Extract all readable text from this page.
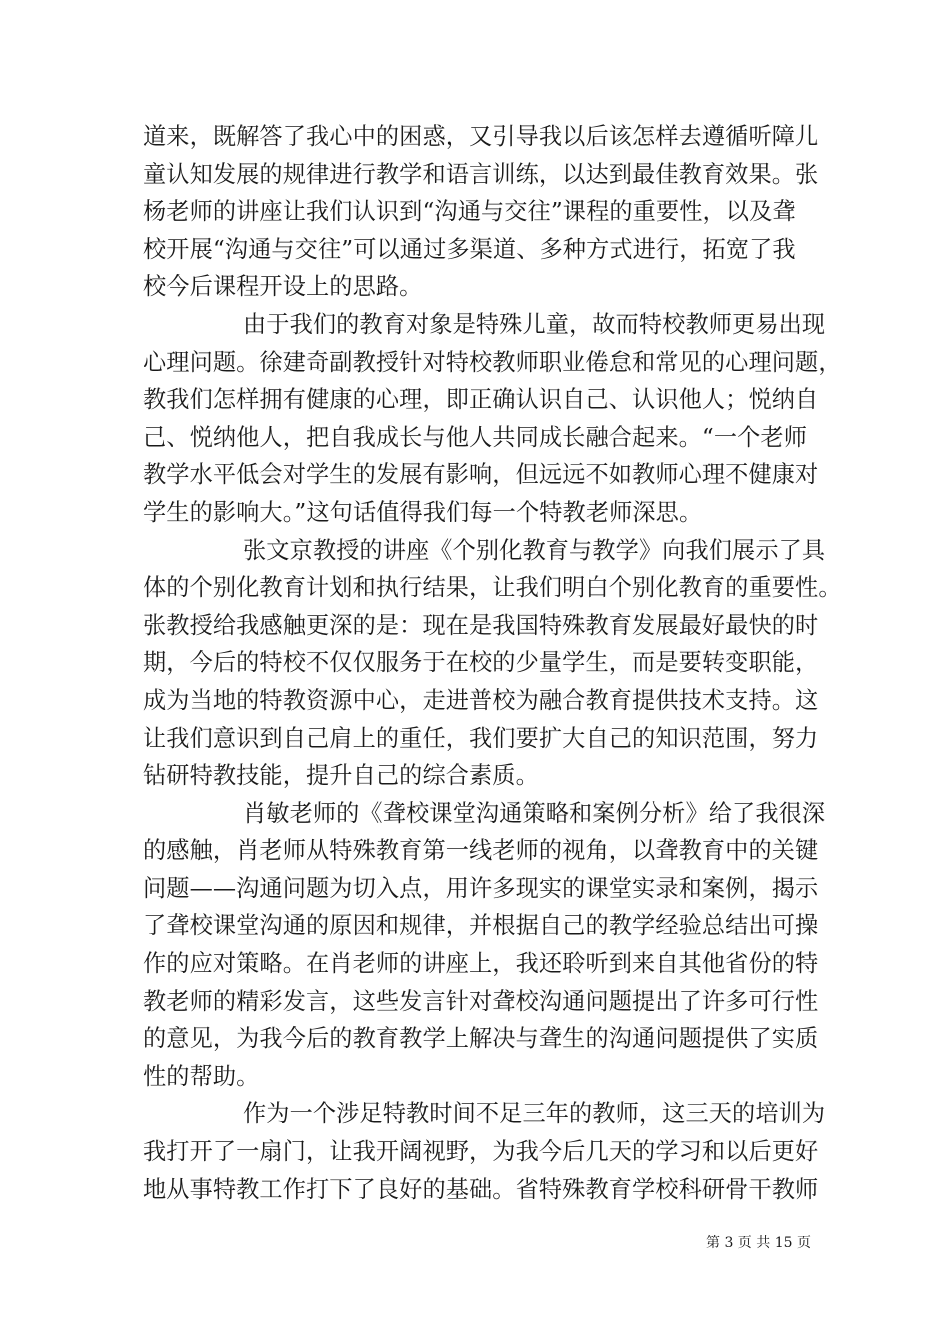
道来，既解答了我心中的困惑，又引导我以后该怎样去遵循听障儿
童认知发展的规律进行教学和语言训练，以达到最佳教育效果。张
杨老师的讲座让我们认识到“沟通与交往”课程的重要性，以及聋
校开展“沟通与交往”可以通过多渠道、多种方式进行，拓宽了我
校今后课程开设上的思路。

由于我们的教育对象是特殊儿童，故而特校教师更易出现
心理问题。徐建奇副教授针对特校教师职业倦怠和常见的心理问题，
教我们怎样拥有健康的心理，即正确认识自己、认识他人；悦纳自
己、悦纳他人，把自我成长与他人共同成长融合起来。“一个老师
教学水平低会对学生的发展有影响，但远远不如教师心理不健康对
学生的影响大。”这句话值得我们每一个特教老师深思。

张文京教授的讲座《个别化教育与教学》向我们展示了具
体的个别化教育计划和执行结果，让我们明白个别化教育的重要性。
张教授给我感触更深的是：现在是我国特殊教育发展最好最快的时
期，今后的特校不仅仅服务于在校的少量学生，而是要转变职能，
成为当地的特教资源中心，走进普校为融合教育提供技术支持。这
让我们意识到自己肩上的重任，我们要扩大自己的知识范围，努力
钻研特教技能，提升自己的综合素质。

肖敏老师的《聋校课堂沟通策略和案例分析》给了我很深
的感触，肖老师从特殊教育第一线老师的视角，以聋教育中的关键
问题——沟通问题为切入点，用许多现实的课堂实录和案例，揭示
了聋校课堂沟通的原因和规律，并根据自己的教学经验总结出可操
作的应对策略。在肖老师的讲座上，我还聆听到来自其他省份的特
教老师的精彩发言，这些发言针对聋校沟通问题提出了许多可行性
的意见，为我今后的教育教学上解决与聋生的沟通问题提供了实质
性的帮助。

作为一个涉足特教时间不足三年的教师，这三天的培训为
我打开了一扇门，让我开阔视野，为我今后几天的学习和以后更好
地从事特教工作打下了良好的基础。省特殊教育学校科研骨干教师

第 3 页 共 15 页
